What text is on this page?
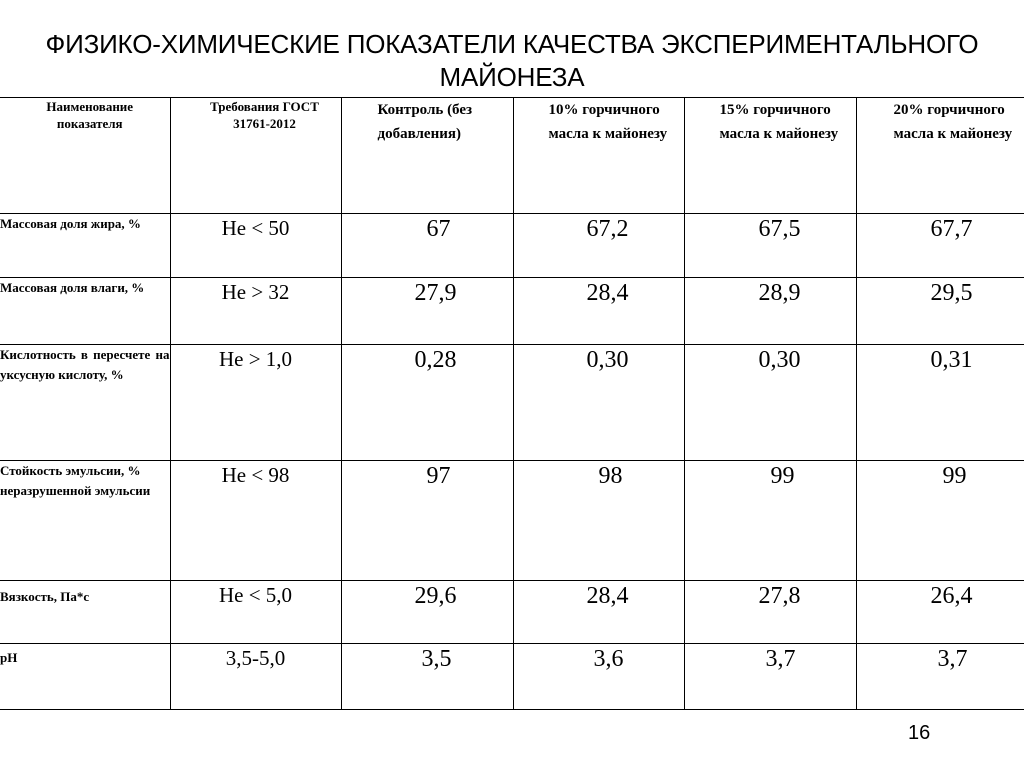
ФИЗИКО-ХИМИЧЕСКИЕ ПОКАЗАТЕЛИ КАЧЕСТВА ЭКСПЕРИМЕНТАЛЬНОГО МАЙОНЕЗА
Наименование показателя	Требования ГОСТ 31761-2012	Контроль (без добавления)	10% горчичного масла к майонезу	15% горчичного масла к майонезу	20% горчичного масла к майонезу
Массовая доля жира, %	Не < 50	67	67,2	67,5	67,7
Массовая доля влаги, %	Не > 32	27,9	28,4	28,9	29,5
Кислотность в пересчете на уксусную кислоту, %	Не > 1,0	0,28	0,30	0,30	0,31
Стойкость эмульсии, % неразрушенной эмульсии	Не < 98	97	98	99	99
Вязкость, Па*с	Не < 5,0	29,6	28,4	27,8	26,4
pH	3,5-5,0	3,5	3,6	3,7	3,7
16
